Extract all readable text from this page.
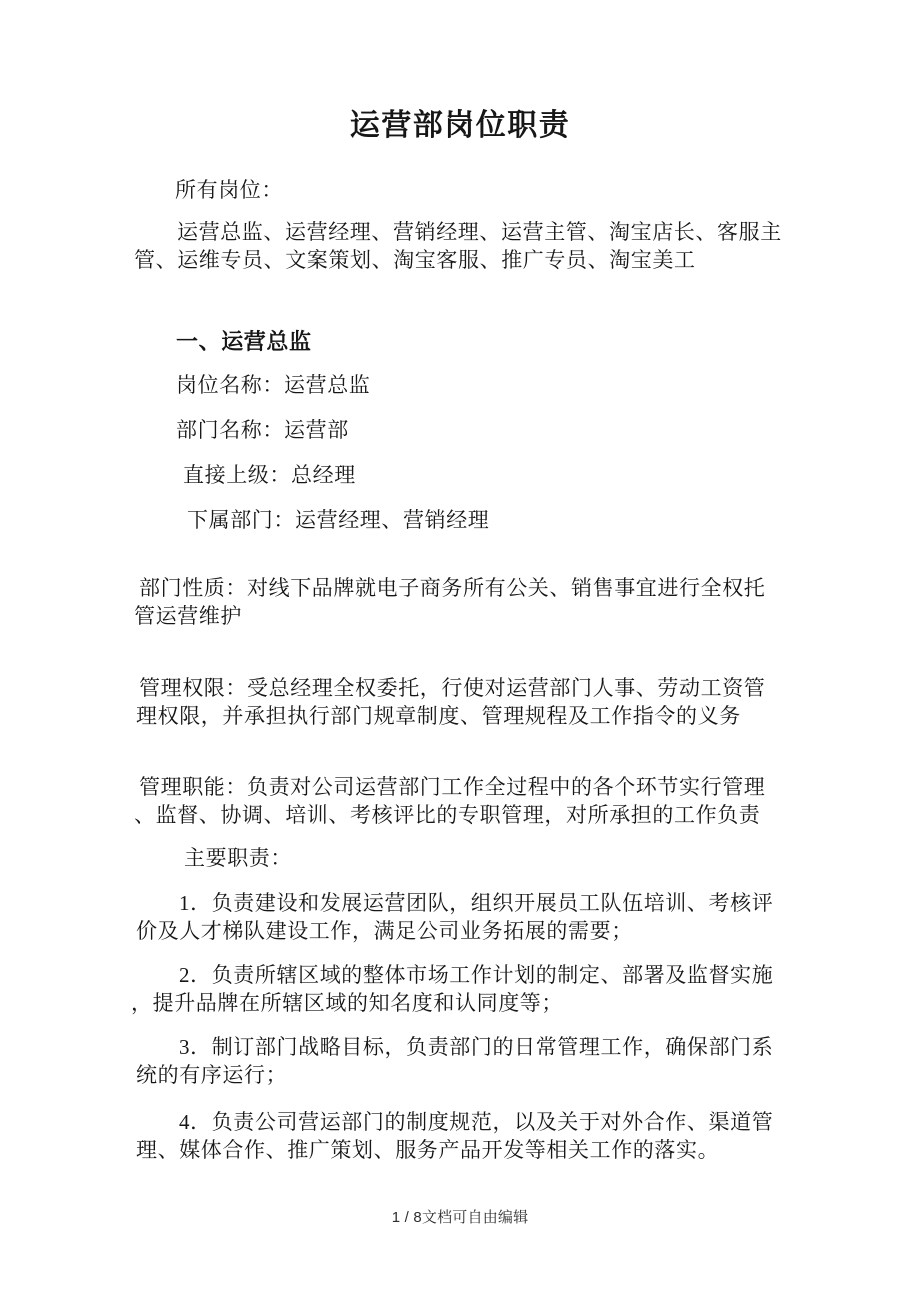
运营部岗位职责
所有岗位：
运营总监、运营经理、营销经理、运营主管、淘宝店长、客服主
管、运维专员、文案策划、淘宝客服、推广专员、淘宝美工
一、运营总监
岗位名称：运营总监
部门名称：运营部
直接上级：总经理
下属部门：运营经理、营销经理
部门性质：对线下品牌就电子商务所有公关、销售事宜进行全权托
管运营维护
管理权限：受总经理全权委托，行使对运营部门人事、劳动工资管
理权限，并承担执行部门规章制度、管理规程及工作指令的义务
管理职能：负责对公司运营部门工作全过程中的各个环节实行管理
、监督、协调、培训、考核评比的专职管理，对所承担的工作负责
主要职责：
1．负责建设和发展运营团队，组织开展员工队伍培训、考核评
价及人才梯队建设工作，满足公司业务拓展的需要；
2．负责所辖区域的整体市场工作计划的制定、部署及监督实施
，提升品牌在所辖区域的知名度和认同度等；
3．制订部门战略目标，负责部门的日常管理工作，确保部门系
统的有序运行；
4．负责公司营运部门的制度规范，以及关于对外合作、渠道管
理、媒体合作、推广策划、服务产品开发等相关工作的落实。
1 / 8文档可自由编辑
